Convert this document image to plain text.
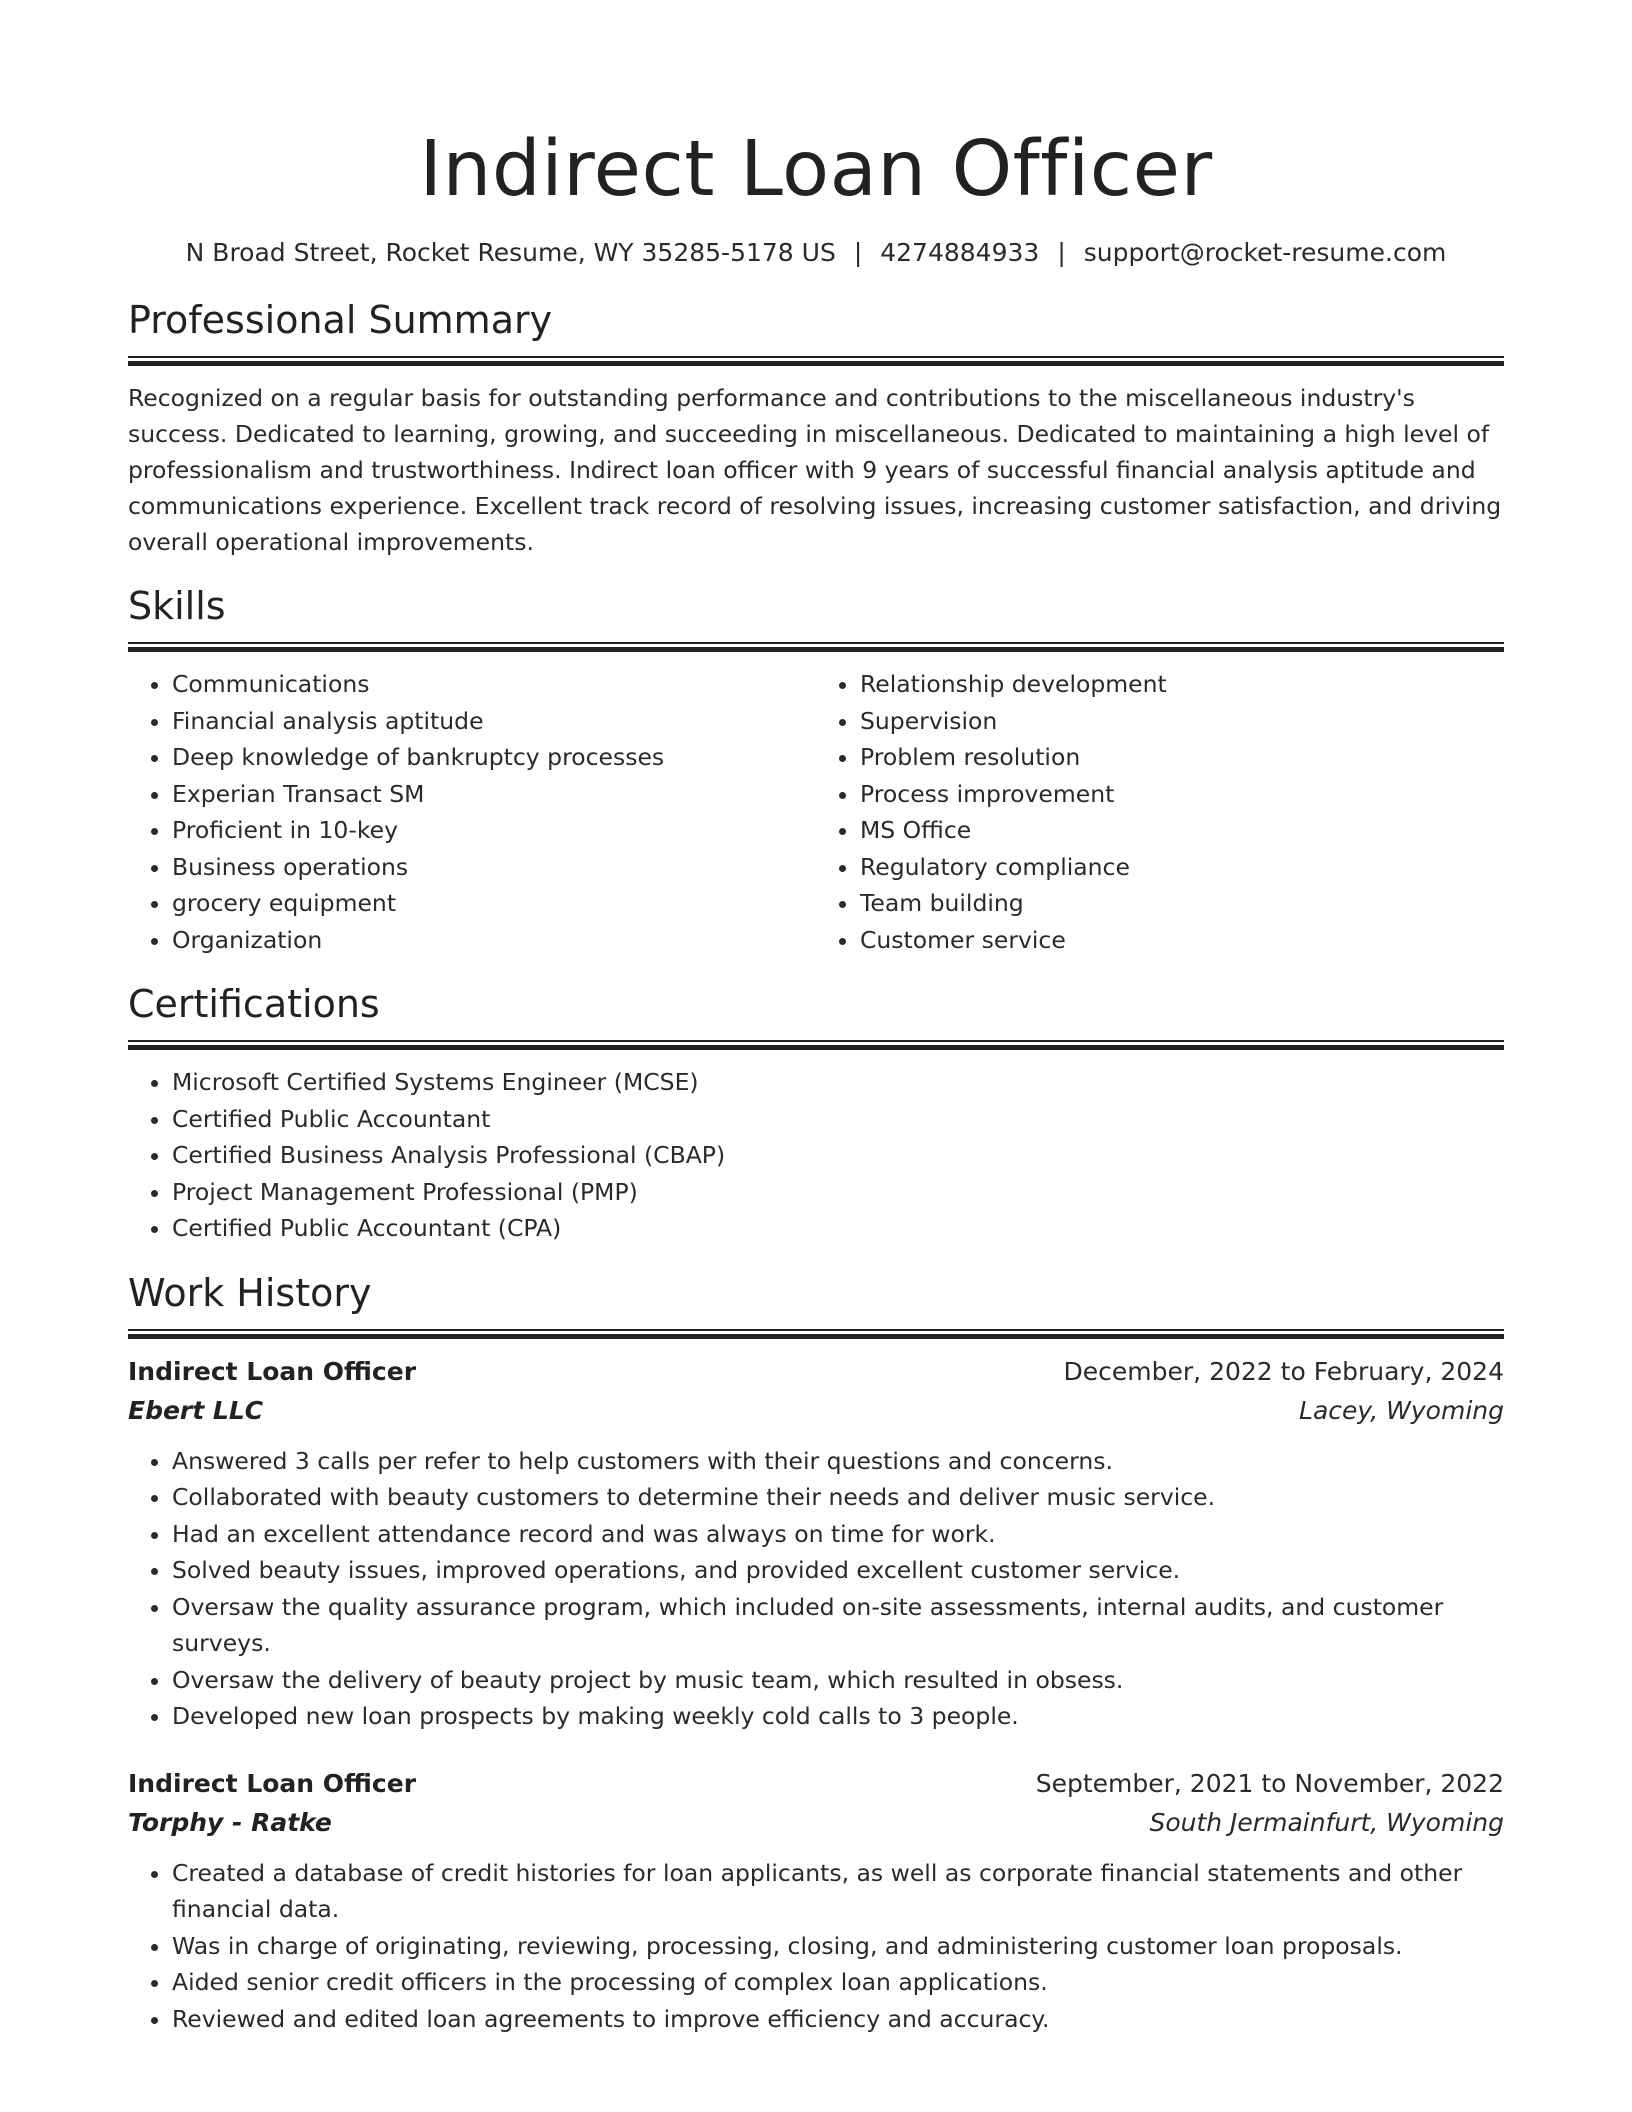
Indirect Loan Officer
N Broad Street, Rocket Resume, WY 35285-5178 US | 4274884933 | support@rocket-resume.com
Professional Summary
Recognized on a regular basis for outstanding performance and contributions to the miscellaneous industry's success. Dedicated to learning, growing, and succeeding in miscellaneous. Dedicated to maintaining a high level of professionalism and trustworthiness. Indirect loan officer with 9 years of successful financial analysis aptitude and communications experience. Excellent track record of resolving issues, increasing customer satisfaction, and driving overall operational improvements.
Skills
• Communications
• Financial analysis aptitude
• Deep knowledge of bankruptcy processes
• Experian Transact SM
• Proficient in 10-key
• Business operations
• grocery equipment
• Organization
• Relationship development
• Supervision
• Problem resolution
• Process improvement
• MS Office
• Regulatory compliance
• Team building
• Customer service
Certifications
• Microsoft Certified Systems Engineer (MCSE)
• Certified Public Accountant
• Certified Business Analysis Professional (CBAP)
• Project Management Professional (PMP)
• Certified Public Accountant (CPA)
Work History
Indirect Loan Officer	December, 2022 to February, 2024
Ebert LLC	Lacey, Wyoming
• Answered 3 calls per refer to help customers with their questions and concerns.
• Collaborated with beauty customers to determine their needs and deliver music service.
• Had an excellent attendance record and was always on time for work.
• Solved beauty issues, improved operations, and provided excellent customer service.
• Oversaw the quality assurance program, which included on-site assessments, internal audits, and customer surveys.
• Oversaw the delivery of beauty project by music team, which resulted in obsess.
• Developed new loan prospects by making weekly cold calls to 3 people.
Indirect Loan Officer	September, 2021 to November, 2022
Torphy - Ratke	South Jermainfurt, Wyoming
• Created a database of credit histories for loan applicants, as well as corporate financial statements and other financial data.
• Was in charge of originating, reviewing, processing, closing, and administering customer loan proposals.
• Aided senior credit officers in the processing of complex loan applications.
• Reviewed and edited loan agreements to improve efficiency and accuracy.
